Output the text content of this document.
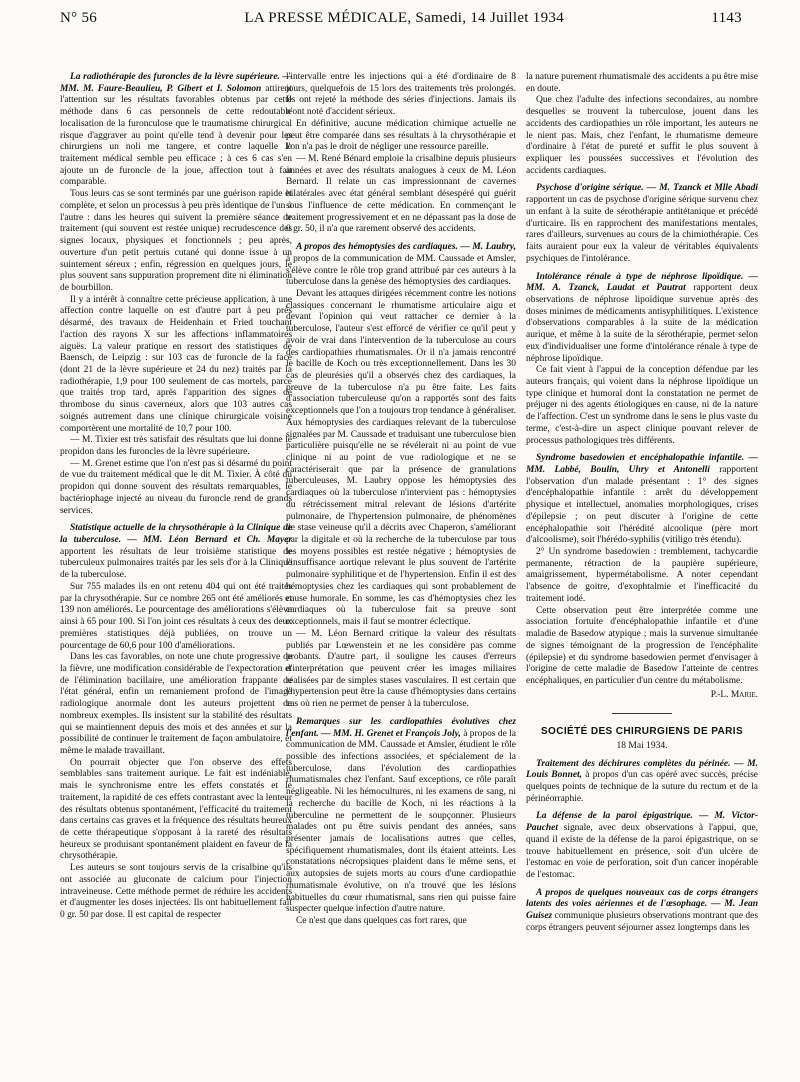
N° 56	LA PRESSE MÉDICALE, Samedi, 14 Juillet 1934	1143

La radiothérapie des furoncles de la lèvre supérieure. — MM. M. Faure-Beaulieu, P. Gibert et I. Solomon attirent l'attention sur les résultats favorables obtenus par cette méthode dans 6 cas personnels de cette redoutable localisation de la furonculose que le traumatisme chirurgical risque d'aggraver au point qu'elle tend à devenir pour les chirurgiens un noli me tangere, et contre laquelle le traitement médical semble peu efficace ; à ces 6 cas s'en ajoute un de furoncle de la joue, affection tout à fait comparable.

Tous leurs cas se sont terminés par une guérison rapide et complète, et selon un processus à peu près identique de l'un à l'autre : dans les heures qui suivent la première séance de traitement (qui souvent est restée unique) recrudescence des signes locaux, physiques et fonctionnels ; peu après, ouverture d'un petit pertuis cutané qui donne issue à un suintement séreux ; enfin, régression en quelques jours, le plus souvent sans suppuration proprement dite ni élimination de bourbillon.

Il y a intérêt à connaître cette précieuse application, à une affection contre laquelle on est d'autre part à peu près désarmé, des travaux de Heidenhain et Fried touchant l'action des rayons X sur les affections inflammatoires aiguës. La valeur pratique en ressort des statistiques de Baensch, de Leipzig : sur 103 cas de furoncle de la face (dont 21 de la lèvre supérieure et 24 du nez) traités par la radiothérapie, 1,9 pour 100 seulement de cas mortels, parce que traités trop tard, après l'apparition des signes de thrombose du sinus caverneux, alors que 103 autres cas soignés autrement dans une clinique chirurgicale voisine comportèrent une mortalité de 10,7 pour 100.

— M. Tixier est très satisfait des résultats que lui donne le propidon dans les furoncles de la lèvre supérieure.

— M. Grenet estime que l'on n'est pas si désarmé du point de vue du traitement médical que le dit M. Tixier. À côté du propidon qui donne souvent des résultats remarquables, le bactériophage injecté au niveau du furoncle rend de grands services.

Statistique actuelle de la chrysothérapie à la Clinique de la tuberculose. — MM. Léon Bernard et Ch. Mayer apportent les résultats de leur troisième statistique de tuberculeux pulmonaires traités par les sels d'or à la Clinique de la tuberculose.

Sur 755 malades ils en ont retenu 404 qui ont été traités par la chrysothérapie. Sur ce nombre 265 ont été améliorés et 139 non améliorés. Le pourcentage des améliorations s'élève ainsi à 65 pour 100. Si l'on joint ces résultats à ceux des deux premières statistiques déjà publiées, on trouve un pourcentage de 60,6 pour 100 d'améliorations.

Dans les cas favorables, on note une chute progressive de la fièvre, une modification considérable de l'expectoration et de l'élimination bacillaire, une amélioration frappante de l'état général, enfin un remaniement profond de l'image radiologique anormale dont les auteurs projettent de nombreux exemples. Ils insistent sur la stabilité des résultats qui se maintiennent depuis des mois et des années et sur la possibilité de continuer le traitement de façon ambulatoire, et même le malade travaillant.

On pourrait objecter que l'on observe des effets semblables sans traitement aurique. Le fait est indéniable, mais le synchronisme entre les effets constatés et le traitement, la rapidité de ces effets contrastant avec la lenteur des résultats obtenus spontanément, l'efficacité du traitement dans certains cas graves et la fréquence des résultats heureux de cette thérapeutique s'opposant à la rareté des résultats heureux se produisant spontanément plaident en faveur de la chrysothérapie.

Les auteurs se sont toujours servis de la crisalbine qu'ils ont associée au gluconate de calcium pour l'injection intraveineuse. Cette méthode permet de réduire les accidents et d'augmenter les doses injectées. Ils ont habituellement fait 0 gr. 50 par dose. Il est capital de respecter

l'intervalle entre les injections qui a été d'ordinaire de 8 jours, quelquefois de 15 lors des traitements très prolongés. Ils ont rejeté la méthode des séries d'injections. Jamais ils n'ont noté d'accident sérieux.

En définitive, aucune médication chimique actuelle ne peut être comparée dans ses résultats à la chrysothérapie et l'on n'a pas le droit de négliger une ressource pareille.

— M. René Bénard emploie la crisalbine depuis plusieurs années et avec des résultats analogues à ceux de M. Léon Bernard. Il relate un cas impressionnant de cavernes bilatérales avec état général semblant désespéré qui guérit sous l'influence de cette médication. En commençant le traitement progressivement et en ne dépassant pas la dose de 0 gr. 50, il n'a que rarement observé des accidents.

A propos des hémoptysies des cardiaques. — M. Laubry, à propos de la communication de MM. Caussade et Amsler, s'élève contre le rôle trop grand attribué par ces auteurs à la tuberculose dans la genèse des hémoptysies des cardiaques.

Devant les attaques dirigées récemment contre les notions classiques concernant le rhumatisme articulaire aigu et devant l'opinion qui veut rattacher ce dernier à la tuberculose, l'auteur s'est efforcé de vérifier ce qu'il peut y avoir de vrai dans l'intervention de la tuberculose au cours des cardiopathies rhumatismales. Or il n'a jamais rencontré le bacille de Koch ou très exceptionnellement. Dans les 30 cas de pleurésies qu'il a observés chez des cardiaques, la preuve de la tuberculose n'a pu être faite. Les faits d'association tuberculeuse qu'on a rapportés sont des faits exceptionnels que l'on a toujours trop tendance à généraliser. Aux hémoptysies des cardiaques relevant de la tuberculose signalées par M. Caussade et traduisant une tuberculose bien particulière puisqu'elle ne se révélerait ni au point de vue clinique ni au point de vue radiologique et ne se caractériserait que par la présence de granulations tuberculeuses, M. Laubry oppose les hémoptysies des cardiaques où la tuberculose n'intervient pas : hémoptysies du rétrécissement mitral relevant de lésions d'artérite pulmonaire, de l'hypertension pulmonaire, de phénomènes de stase veineuse qu'il a décrits avec Chaperon, s'améliorant par la digitale et où la recherche de la tuberculose par tous les moyens possibles est restée négative ; hémoptysies de l'insuffisance aortique relevant le plus souvent de l'artérite pulmonaire syphilitique et de l'hypertension. Enfin il est des hémoptysies chez les cardiaques qui sont probablement de cause humorale. En somme, les cas d'hémoptysies chez les cardiaques où la tuberculose fait sa preuve sont exceptionnels, mais il faut se montrer éclectique.

— M. Léon Bernard critique la valeur des résultats publiés par Lœwenstein et ne les considère pas comme probants. D'autre part, il souligne les causes d'erreurs d'interprétation que peuvent créer les images miliaires réalisées par de simples stases vasculaires. Il est certain que l'hypertension peut être la cause d'hémoptysies dans certains cas où rien ne permet de penser à la tuberculose.

Remarques sur les cardiopathies évolutives chez l'enfant. — MM. H. Grenet et François Joly, à propos de la communication de MM. Caussade et Amsler, étudient le rôle possible des infections associées, et spécialement de la tuberculose, dans l'évolution des cardiopathies rhumatismales chez l'enfant. Sauf exceptions, ce rôle paraît négligeable. Ni les hémocultures, ni les examens de sang, ni la recherche du bacille de Koch, ni les réactions à la tuberculine ne permettent de le soupçonner. Plusieurs malades ont pu être suivis pendant des années, sans présenter jamais de localisations autres que celles, spécifiquement rhumatismales, dont ils étaient atteints. Les constatations nécropsiques plaident dans le même sens, et aux autopsies de sujets morts au cours d'une cardiopathie rhumatismale évolutive, on n'a trouvé que les lésions habituelles du cœur rhumatismal, sans rien qui puisse faire suspecter quelque infection d'autre nature.

Ce n'est que dans quelques cas fort rares, que

la nature purement rhumatismale des accidents a pu être mise en doute.

Que chez l'adulte des infections secondaires, au nombre desquelles se trouvent la tuberculose, jouent dans les accidents des cardiopathies un rôle important, les auteurs ne le nient pas. Mais, chez l'enfant, le rhumatisme demeure d'ordinaire à l'état de pureté et suffit le plus souvent à expliquer les poussées successives et l'évolution des accidents cardiaques.

Psychose d'origine sérique. — M. Tzanck et Mlle Abadi rapportent un cas de psychose d'origine sérique survenu chez un enfant à la suite de sérothérapie antitétanique et précédé d'urticaire. Ils en rapprochent des manifestations mentales, rares d'ailleurs, survenues au cours de la chimiothérapie. Ces faits auraient pour eux la valeur de véritables équivalents psychiques de l'intolérance.

Intolérance rénale à type de néphrose lipoïdique. — MM. A. Tzanck, Laudat et Pautrat rapportent deux observations de néphrose lipoïdique survenue après des doses minimes de médicaments antisyphilitiques. L'existence d'observations comparables à la suite de la médication aurique, et même à la suite de la sérothérapie, permet selon eux d'individualiser une forme d'intolérance rénale à type de néphrose lipoïdique.

Ce fait vient à l'appui de la conception défendue par les auteurs français, qui voient dans la néphrose lipoïdique un type clinique et humoral dont la constatation ne permet de préjuger ni des agents étiologiques en cause, ni de la nature de l'affection. C'est un syndrome dans le sens le plus vaste du terme, c'est-à-dire un aspect clinique pouvant relever de processus pathologiques très différents.

Syndrome basedowien et encéphalopathie infantile. — MM. Labbé, Boulin, Uhry et Antonelli rapportent l'observation d'un malade présentant : 1° des signes d'encéphalopathie infantile : arrêt du développement physique et intellectuel, anomalies morphologiques, crises d'épilepsie ; on peut discuter à l'origine de cette encéphalopathie soit l'hérédité alcoolique (père mort d'alcoolisme), soit l'hérédo-syphilis (vitiligo très étendu).

2° Un syndrome basedowien : tremblement, tachycardie permanente, rétraction de la paupière supérieure, amaigrissement, hypermétabolisme. A noter cependant l'absence de goitre, d'exophtalmie et l'inefficacité du traitement iodé.

Cette observation peut être interprétée comme une association fortuite d'encéphalopathie infantile et d'une maladie de Basedow atypique ; mais la survenue simultanée de signes témoignant de la progression de l'encéphalite (épilepsie) et du syndrome basedowien permet d'envisager à l'origine de cette maladie de Basedow l'atteinte de centres encéphaliques, en particulier d'un centre du métabolisme.

P.-L. Marie.
SOCIÉTÉ DES CHIRURGIENS DE PARIS
18 Mai 1934.

Traitement des déchirures complètes du périnée. — M. Louis Bonnet, à propos d'un cas opéré avec succès, précise quelques points de technique de la suture du rectum et de la périnéorraphie.

La défense de la paroi épigastrique. — M. Victor-Pauchet signale, avec deux observations à l'appui, que, quand il existe de la défense de la paroi épigastrique, on se trouve habituellement en présence, soit d'un ulcère de l'estomac en voie de perforation, soit d'un cancer inopérable de l'estomac.

A propos de quelques nouveaux cas de corps étrangers latents des voies aériennes et de l'œsophage. — M. Jean Guisez communique plusieurs observations montrant que des corps étrangers peuvent séjourner assez longtemps dans les
